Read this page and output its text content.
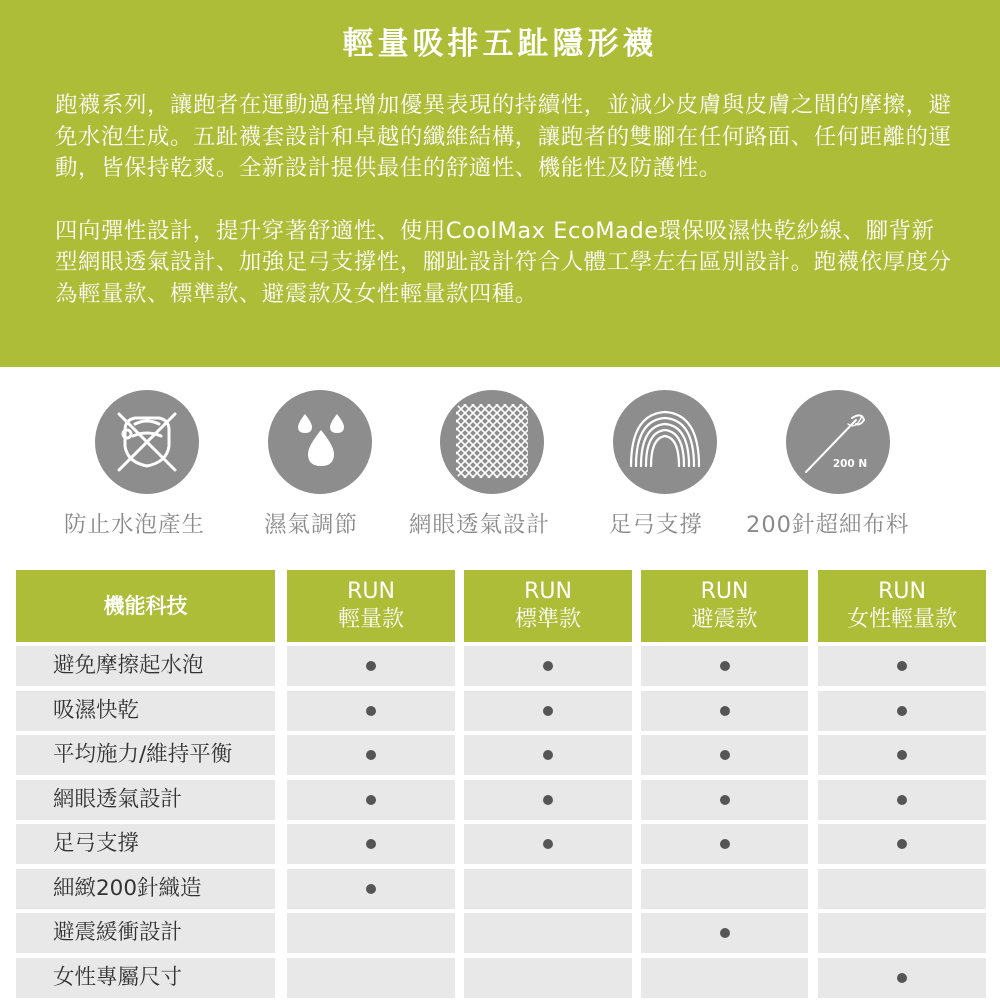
輕量吸排五趾隱形襪

跑襪系列，讓跑者在運動過程增加優異表現的持續性，並減少皮膚與皮膚之間的摩擦，避免水泡生成。五趾襪套設計和卓越的纖維結構，讓跑者的雙腳在任何路面、任何距離的運動，皆保持乾爽。全新設計提供最佳的舒適性、機能性及防護性。

四向彈性設計，提升穿著舒適性、使用CoolMax EcoMade環保吸濕快乾紗線、腳背新型網眼透氣設計、加強足弓支撐性，腳趾設計符合人體工學左右區別設計。跑襪依厚度分為輕量款、標準款、避震款及女性輕量款四種。

防止水泡產生	濕氣調節 網眼透氣設計	足弓支撐
200 N
200針超細布料
機能科技
RUN
輕量款
RUN
標準款
RUN
避震款
RUN
女性輕量款
避免摩擦起水泡
吸濕快乾
平均施力/維持平衡
網眼透氣設計
足弓支撐
細緻200針織造
避震緩衝設計
女性專屬尺寸
